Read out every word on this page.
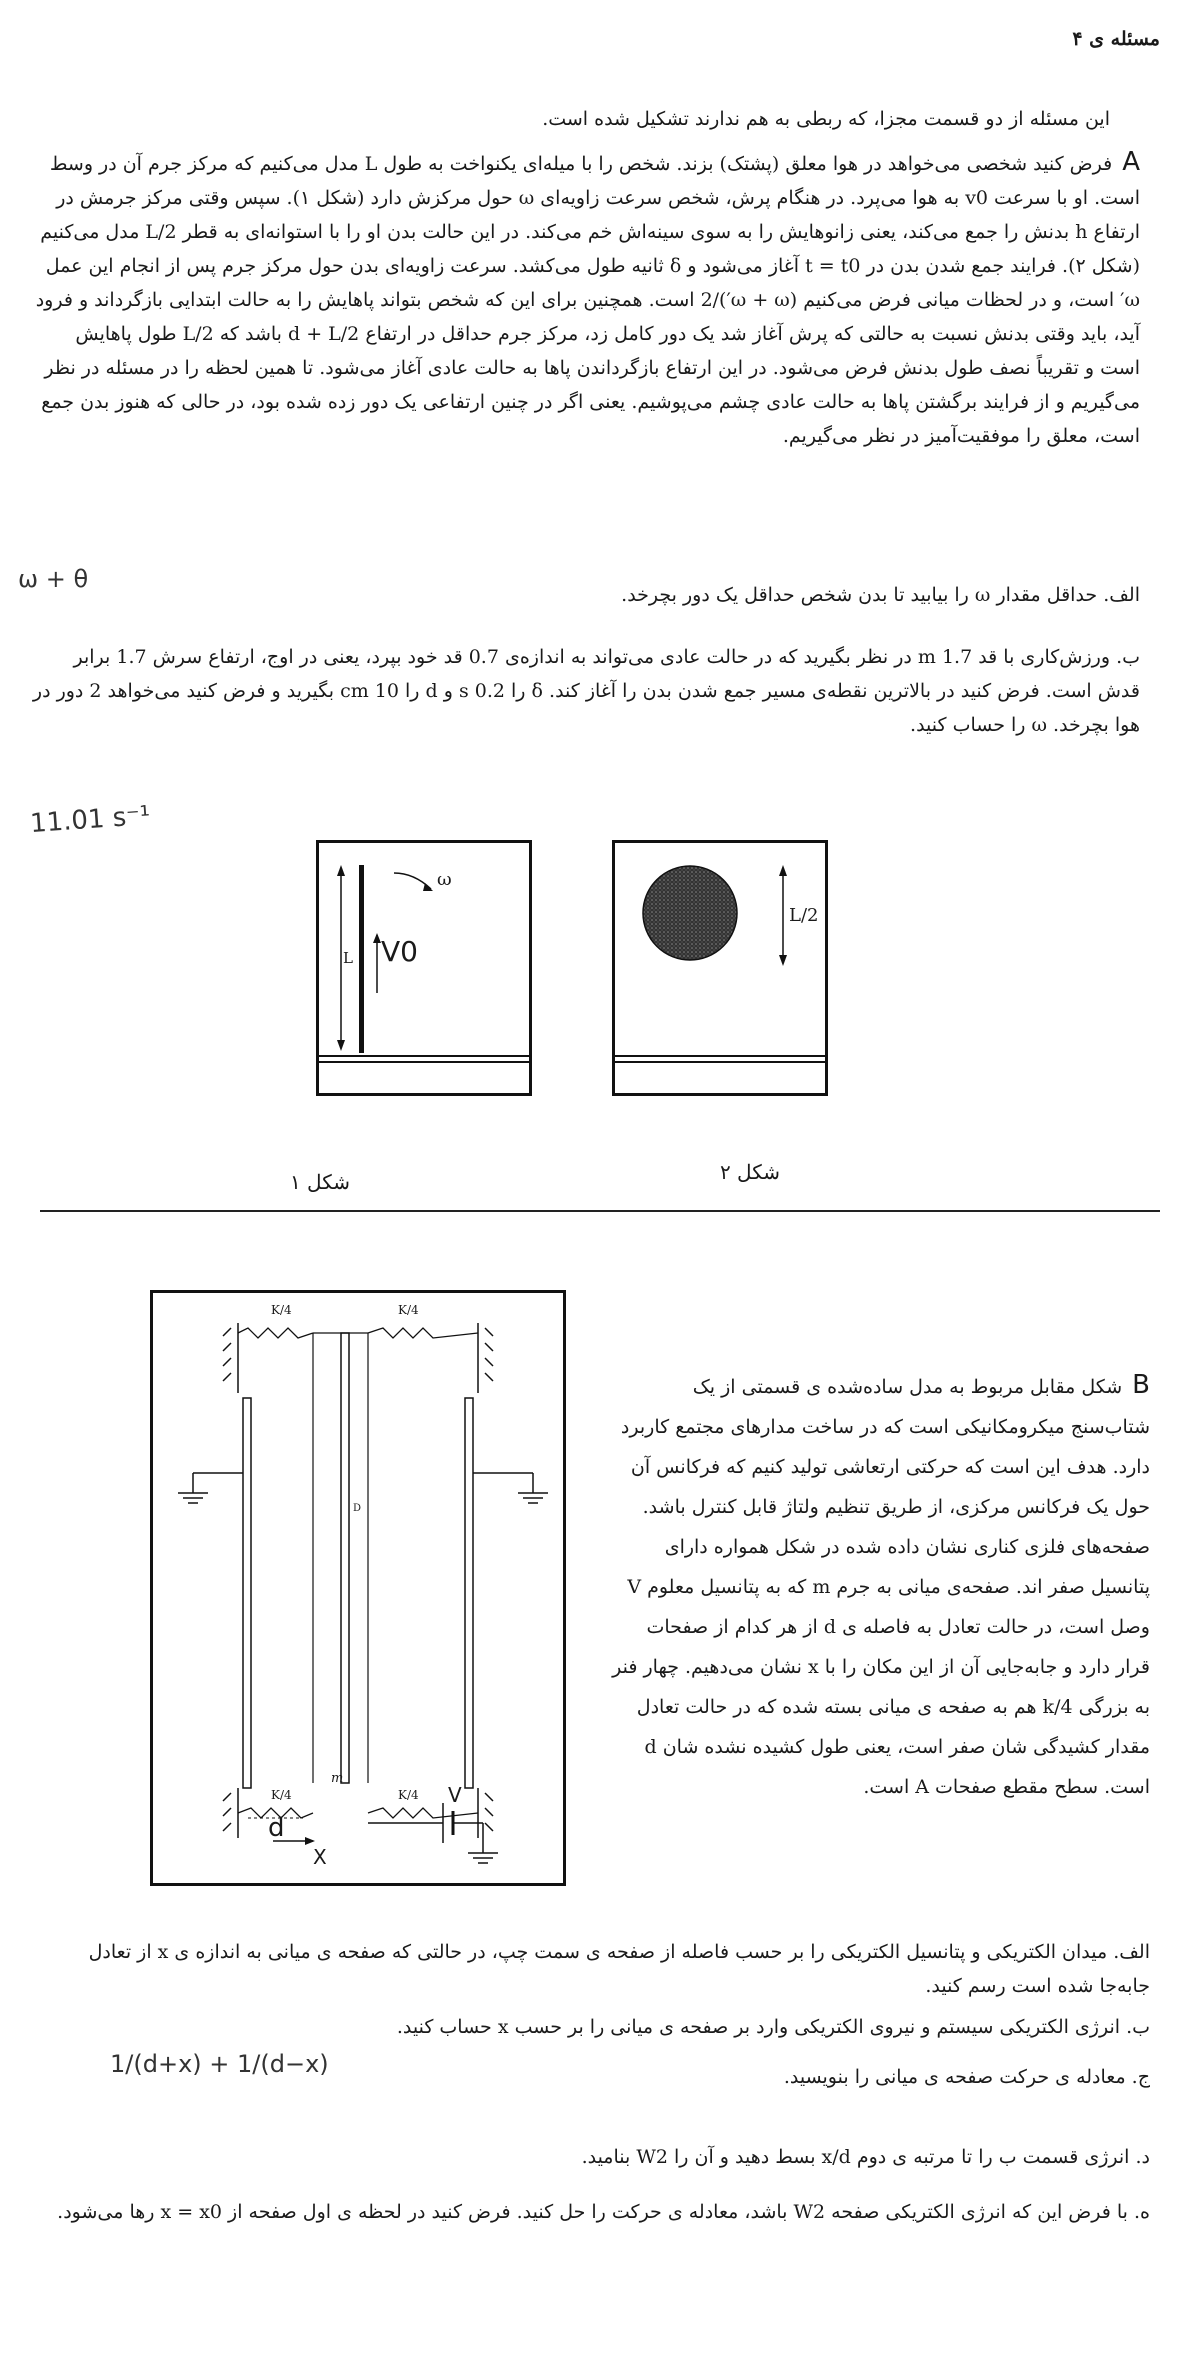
مسئله ی ۴
این مسئله از دو قسمت مجزا، که ربطی به هم ندارند تشکیل شده است.
Aفرض کنید شخصی می‌خواهد در هوا معلق (پشتک) بزند. شخص را با میله‌ای یکنواخت به طول L مدل می‌کنیم که مرکز جرم آن در وسط است. او با سرعت v0 به هوا می‌پرد. در هنگام پرش، شخص سرعت زاویه‌ای ω حول مرکزش دارد (شکل ۱). سپس وقتی مرکز جرمش در ارتفاع h بدنش را جمع می‌کند، یعنی زانوهایش را به سوی سینه‌اش خم می‌کند. در این حالت بدن او را با استوانه‌ای به قطر L/2 مدل می‌کنیم (شکل ۲). فرایند جمع شدن بدن در t = t0 آغاز می‌شود و δ ثانیه طول می‌کشد. سرعت زاویه‌ای بدن حول مرکز جرم پس از انجام این عمل ω′ است، و در لحظات میانی فرض می‌کنیم (ω + ω′)/2 است. همچنین برای این که شخص بتواند پاهایش را به حالت ابتدایی بازگرداند و فرود آید، باید وقتی بدنش نسبت به حالتی که پرش آغاز شد یک دور کامل زد، مرکز جرم حداقل در ارتفاع d + L/2 باشد که L/2 طول پاهایش است و تقریباً نصف طول بدنش فرض می‌شود. در این ارتفاع بازگرداندن پاها به حالت عادی آغاز می‌شود. تا همین لحظه را در مسئله در نظر می‌گیریم و از فرایند برگشتن پاها به حالت عادی چشم می‌پوشیم. یعنی اگر در چنین ارتفاعی یک دور زده شده بود، در حالی که هنوز بدن جمع است، معلق را موفقیت‌آمیز در نظر می‌گیریم.
الف. حداقل مقدار ω را بیابید تا بدن شخص حداقل یک دور بچرخد.
ب. ورزش‌کاری با قد 1.7 m در نظر بگیرید که در حالت عادی می‌تواند به اندازه‌ی 0.7 قد خود بپرد، یعنی در اوج، ارتفاع سرش 1.7 برابر قدش است. فرض کنید در بالاترین نقطه‌ی مسیر جمع شدن بدن را آغاز کند. δ را 0.2 s و d را 10 cm بگیرید و فرض کنید می‌خواهد 2 دور در هوا بچرخد. ω را حساب کنید.
ω + θ
11.01 s⁻¹
L V0
ω
L/2
شکل ۱	شکل ۲
K/4	K/4
K/4	K/4
m
D
d
X
V
Bشکل مقابل مربوط به مدل ساده‌شده ی قسمتی از یک شتاب‌سنج میکرومکانیکی است که در ساخت مدارهای مجتمع کاربرد دارد. هدف این است که حرکتی ارتعاشی تولید کنیم که فرکانس آن حول یک فرکانس مرکزی، از طریق تنظیم ولتاژ قابل کنترل باشد. صفحه‌های فلزی کناری نشان داده شده در شکل همواره دارای پتانسیل صفر اند. صفحه‌ی میانی به جرم m که به پتانسیل معلوم V وصل است، در حالت تعادل به فاصله ی d از هر کدام از صفحات قرار دارد و جابه‌جایی آن از این مکان را با x نشان می‌دهیم. چهار فنر به بزرگی k/4 هم به صفحه ی میانی بسته شده که در حالت تعادل مقدار کشیدگی شان صفر است، یعنی طول کشیده نشده شان d است. سطح مقطع صفحات A است.
الف. میدان الکتریکی و پتانسیل الکتریکی را بر حسب فاصله از صفحه ی سمت چپ، در حالتی که صفحه ی میانی به اندازه ی x از تعادل جابه‌جا شده است رسم کنید.
ب. انرژی الکتریکی سیستم و نیروی الکتریکی وارد بر صفحه ی میانی را بر حسب x حساب کنید.
ج. معادله ی حرکت صفحه ی میانی را بنویسید.
1/(d+x) + 1/(d−x)
د. انرژی قسمت ب را تا مرتبه ی دوم x/d بسط دهید و آن را W2 بنامید.
ه. با فرض این که انرژی الکتریکی صفحه W2 باشد، معادله ی حرکت را حل کنید. فرض کنید در لحظه ی اول صفحه از x = x0 رها می‌شود.
